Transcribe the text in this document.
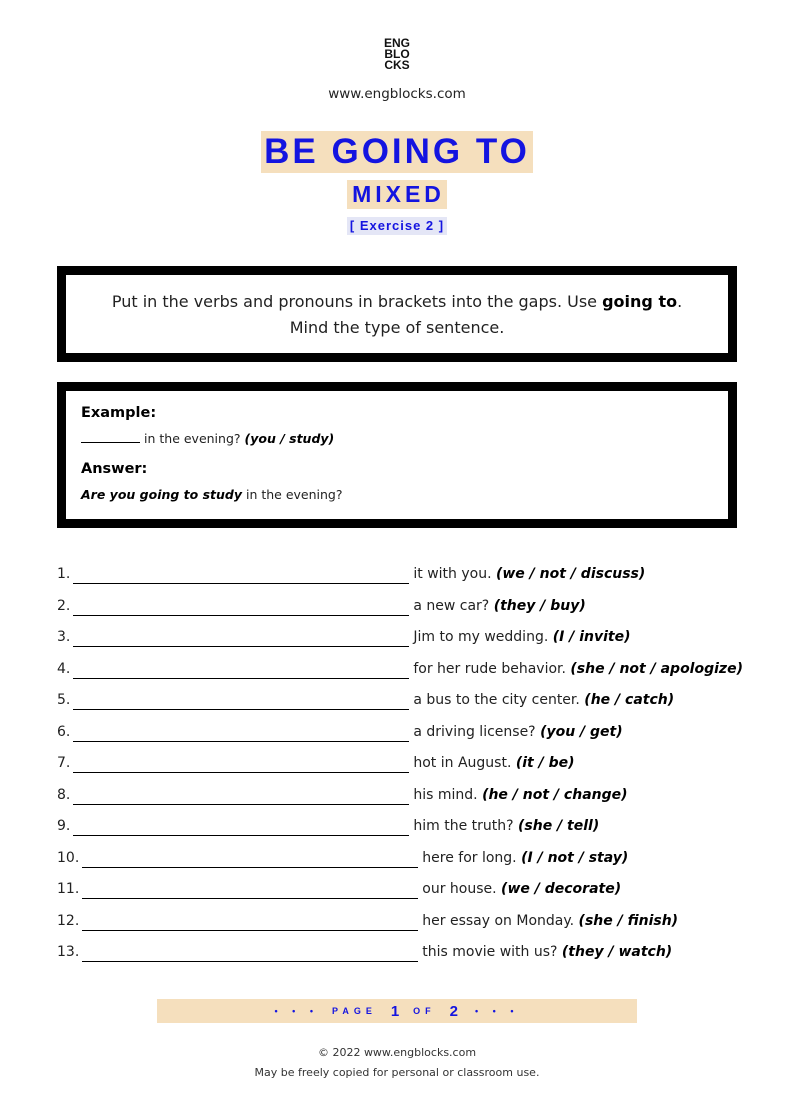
ENG
BLO
CKS
www.engblocks.com
BE GOING TO
MIXED
[ Exercise 2 ]
Put in the verbs and pronouns in brackets into the gaps. Use going to.
Mind the type of sentence.
Example:
in the evening? (you / study)
Answer:
Are you going to study in the evening?
1.	it with you. (we / not / discuss)
2.	a new car? (they / buy)
3.	Jim to my wedding. (I / invite)
4.	for her rude behavior. (she / not / apologize)
5.	a bus to the city center. (he / catch)
6.	a driving license? (you / get)
7.	hot in August. (it / be)
8.	his mind. (he / not / change)
9.	him the truth? (she / tell)
10.	here for long. (I / not / stay)
11.	our house. (we / decorate)
12.	her essay on Monday. (she / finish)
13.	this movie with us? (they / watch)
• • • PAGE 1 OF 2 • • •
© 2022 www.engblocks.com
May be freely copied for personal or classroom use.
